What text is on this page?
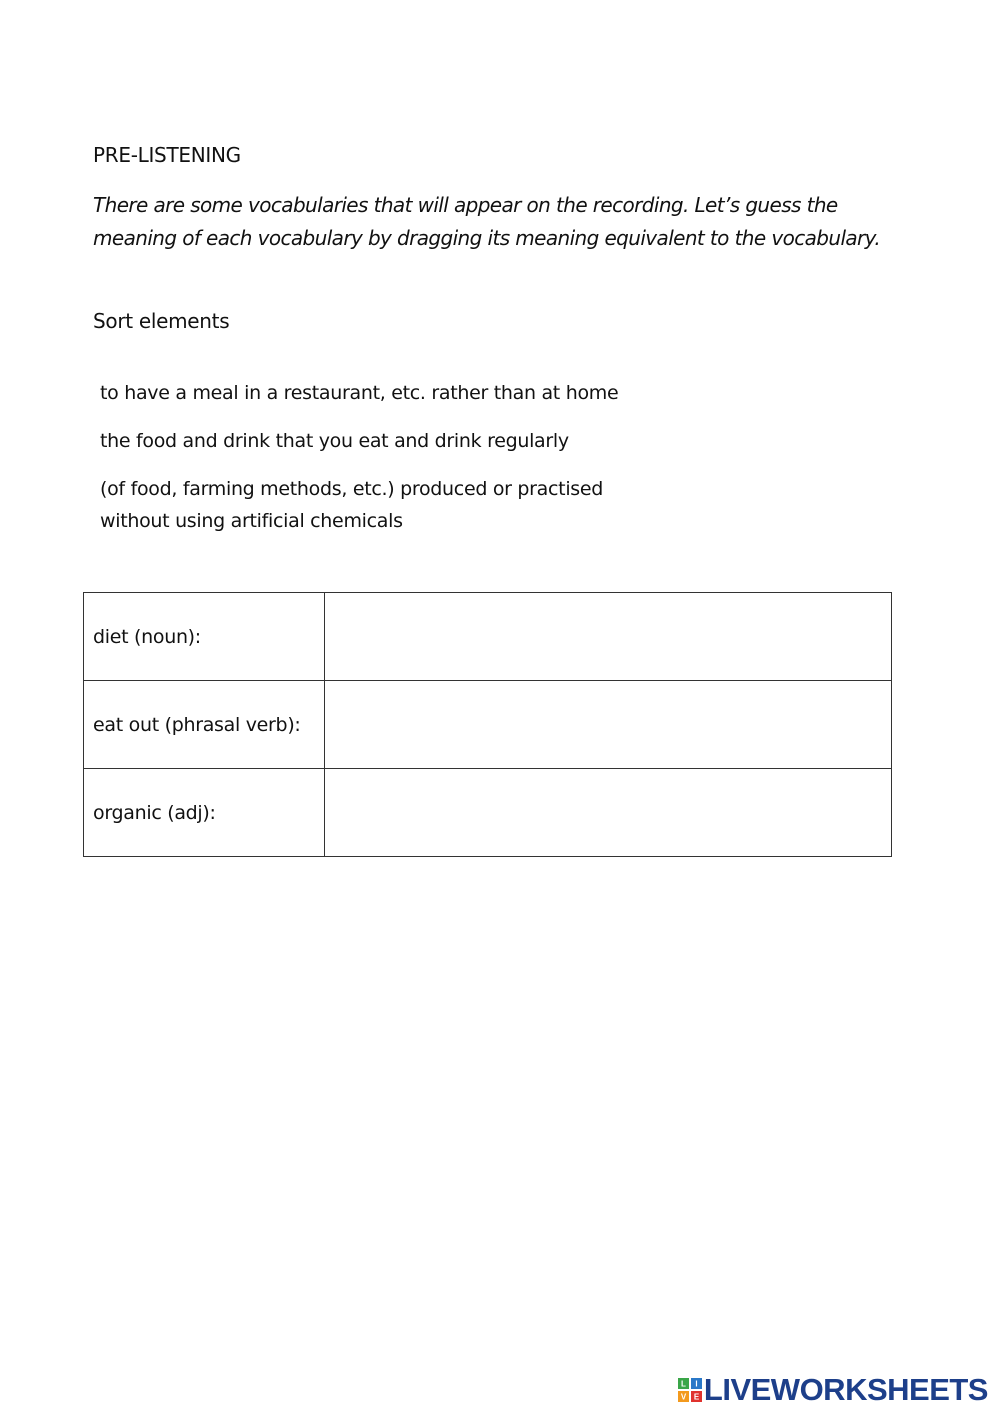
PRE-LISTENING
There are some vocabularies that will appear on the recording. Let’s guess the meaning of each vocabulary by dragging its meaning equivalent to the vocabulary.
Sort elements
to have a meal in a restaurant, etc. rather than at home
the food and drink that you eat and drink regularly
(of food, farming methods, etc.) produced or practised without using artificial chemicals
diet (noun):	
eat out (phrasal verb):	
organic (adj):	
L I
V E LIVEWORKSHEETS
